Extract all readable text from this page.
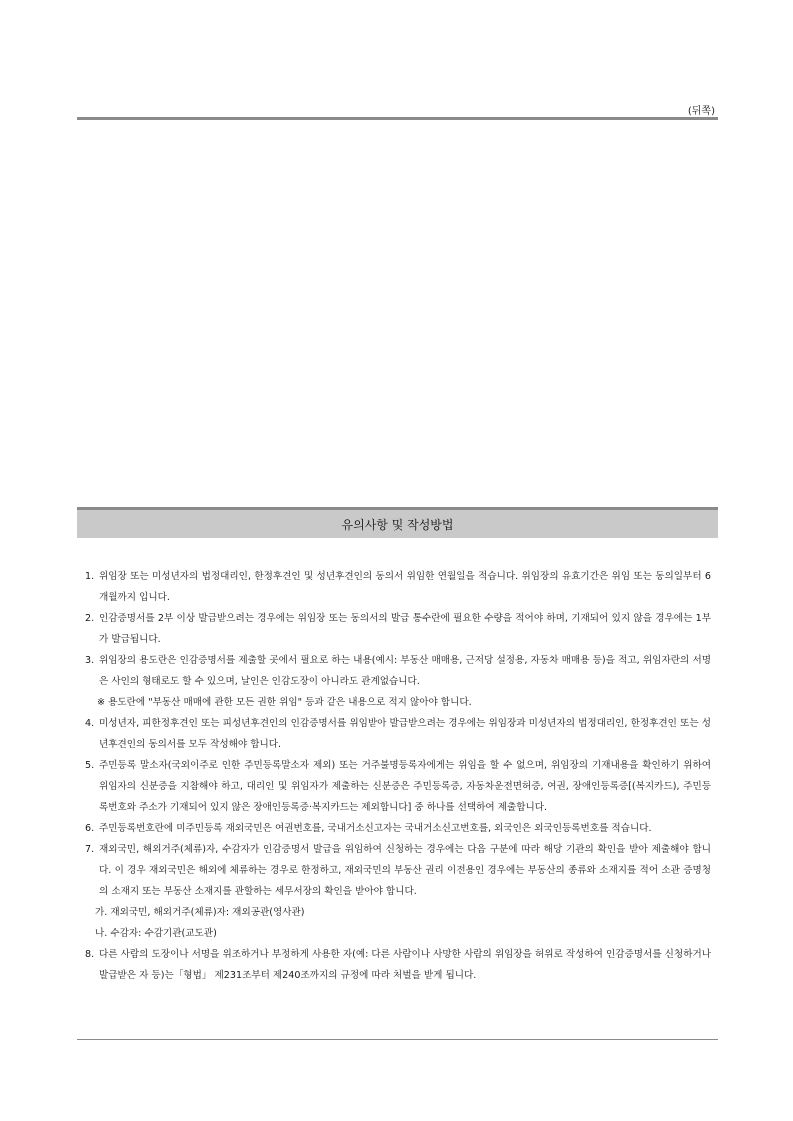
(뒤쪽)
유의사항 및 작성방법
1. 위임장 또는 미성년자의 법정대리인, 한정후견인 및 성년후견인의 동의서 위임한 연월일을 적습니다. 위임장의 유효기간은 위임 또는 동의일부터 6개월까지 입니다.
2. 인감증명서를 2부 이상 발급받으려는 경우에는 위임장 또는 동의서의 발급 통수란에 필요한 수량을 적어야 하며, 기재되어 있지 않을 경우에는 1부가 발급됩니다.
3. 위임장의 용도란은 인감증명서를 제출할 곳에서 필요로 하는 내용(예시: 부동산 매매용, 근저당 설정용, 자동차 매매용 등)을 적고, 위임자란의 서명은 사인의 형태로도 할 수 있으며, 날인은 인감도장이 아니라도 관계없습니다.
※ 용도란에 "부동산 매매에 관한 모든 권한 위임" 등과 같은 내용으로 적지 않아야 합니다.
4. 미성년자, 피한정후견인 또는 피성년후견인의 인감증명서를 위임받아 발급받으려는 경우에는 위임장과 미성년자의 법정대리인, 한정후견인 또는 성년후견인의 동의서를 모두 작성해야 합니다.
5. 주민등록 말소자(국외이주로 인한 주민등록말소자 제외) 또는 거주불명등록자에게는 위임을 할 수 없으며, 위임장의 기재내용을 확인하기 위하여 위임자의 신분증을 지참해야 하고, 대리인 및 위임자가 제출하는 신분증은 주민등록증, 자동차운전면허증, 여권, 장애인등록증[(복지카드), 주민등록번호와 주소가 기재되어 있지 않은 장애인등록증·복지카드는 제외합니다] 중 하나를 선택하여 제출합니다.
6. 주민등록번호란에 미주민등록 재외국민은 여권번호를, 국내거소신고자는 국내거소신고번호를, 외국인은 외국인등록번호를 적습니다.
7. 재외국민, 해외거주(체류)자, 수감자가 인감증명서 발급을 위임하여 신청하는 경우에는 다음 구분에 따라 해당 기관의 확인을 받아 제출해야 합니다. 이 경우 재외국민은 해외에 체류하는 경우로 한정하고, 재외국민의 부동산 권리 이전용인 경우에는 부동산의 종류와 소재지를 적어 소관 증명청의 소재지 또는 부동산 소재지를 관할하는 세무서장의 확인을 받아야 합니다.
가. 재외국민, 해외거주(체류)자: 재외공관(영사관)
나. 수감자: 수감기관(교도관)
8. 다른 사람의 도장이나 서명을 위조하거나 부정하게 사용한 자(예: 다른 사람이나 사망한 사람의 위임장을 허위로 작성하여 인감증명서를 신청하거나 발급받은 자 등)는「형법」 제231조부터 제240조까지의 규정에 따라 처벌을 받게 됩니다.
